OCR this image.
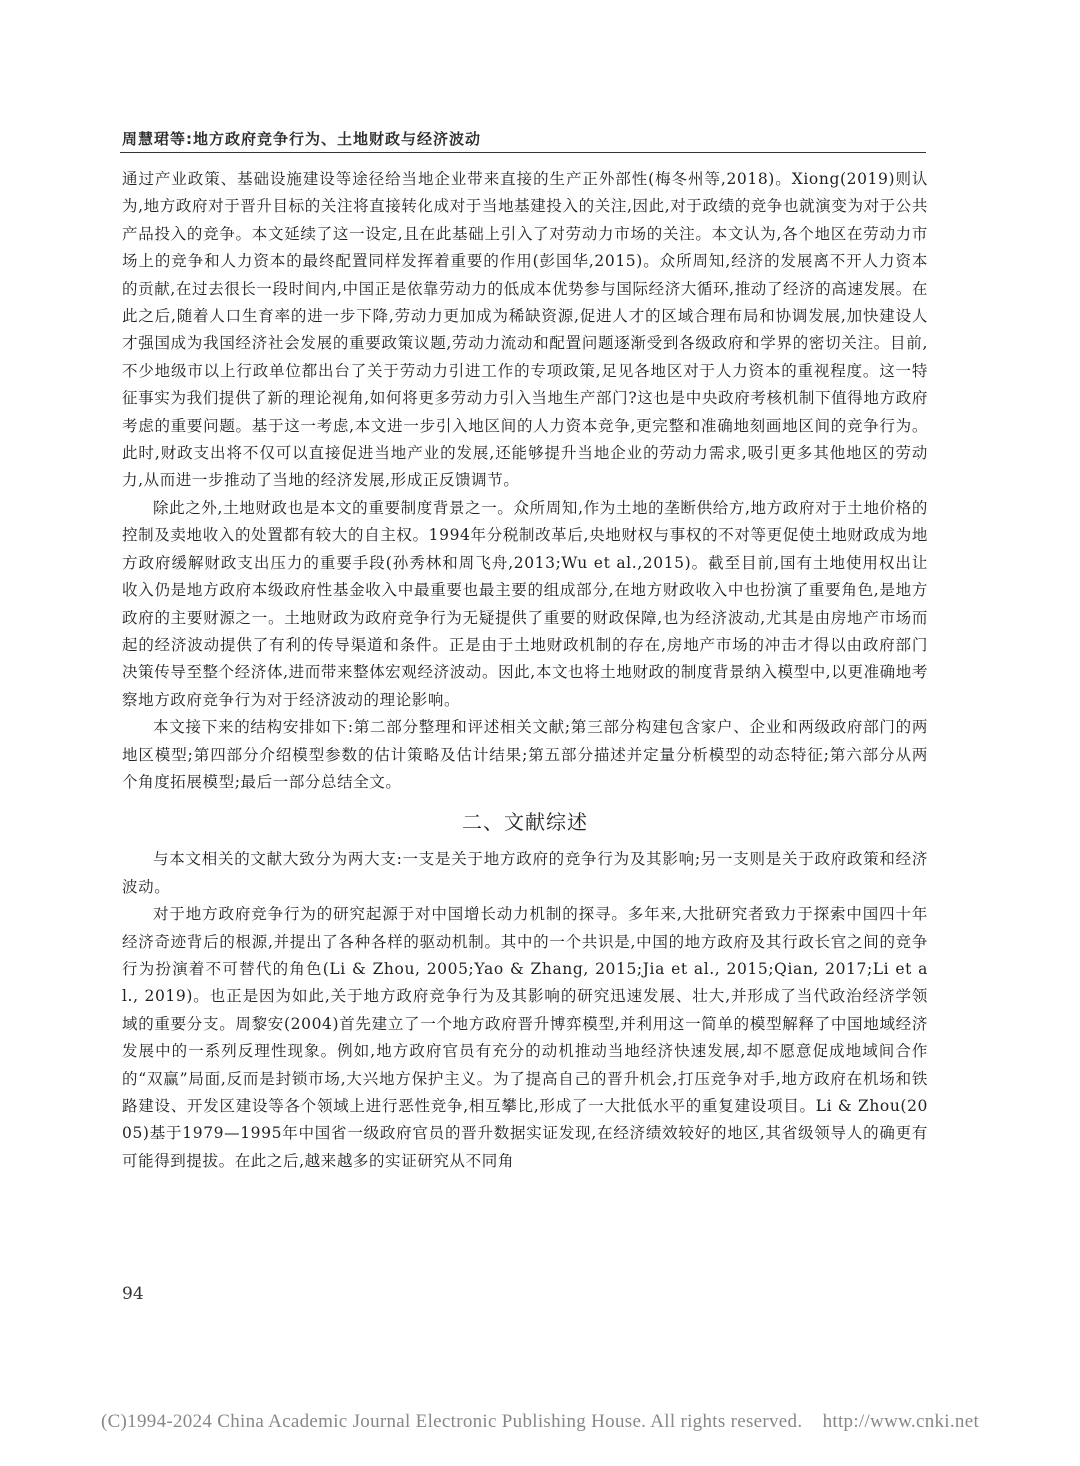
周慧珺等:地方政府竞争行为、土地财政与经济波动

通过产业政策、基础设施建设等途径给当地企业带来直接的生产正外部性(梅冬州等,2018)。Xiong(2019)则认为,地方政府对于晋升目标的关注将直接转化成对于当地基建投入的关注,因此,对于政绩的竞争也就演变为对于公共产品投入的竞争。本文延续了这一设定,且在此基础上引入了对劳动力市场的关注。本文认为,各个地区在劳动力市场上的竞争和人力资本的最终配置同样发挥着重要的作用(彭国华,2015)。众所周知,经济的发展离不开人力资本的贡献,在过去很长一段时间内,中国正是依靠劳动力的低成本优势参与国际经济大循环,推动了经济的高速发展。在此之后,随着人口生育率的进一步下降,劳动力更加成为稀缺资源,促进人才的区域合理布局和协调发展,加快建设人才强国成为我国经济社会发展的重要政策议题,劳动力流动和配置问题逐渐受到各级政府和学界的密切关注。目前,不少地级市以上行政单位都出台了关于劳动力引进工作的专项政策,足见各地区对于人力资本的重视程度。这一特征事实为我们提供了新的理论视角,如何将更多劳动力引入当地生产部门?这也是中央政府考核机制下值得地方政府考虑的重要问题。基于这一考虑,本文进一步引入地区间的人力资本竞争,更完整和准确地刻画地区间的竞争行为。此时,财政支出将不仅可以直接促进当地产业的发展,还能够提升当地企业的劳动力需求,吸引更多其他地区的劳动力,从而进一步推动了当地的经济发展,形成正反馈调节。

除此之外,土地财政也是本文的重要制度背景之一。众所周知,作为土地的垄断供给方,地方政府对于土地价格的控制及卖地收入的处置都有较大的自主权。1994年分税制改革后,央地财权与事权的不对等更促使土地财政成为地方政府缓解财政支出压力的重要手段(孙秀林和周飞舟,2013;Wu et al.,2015)。截至目前,国有土地使用权出让收入仍是地方政府本级政府性基金收入中最重要也最主要的组成部分,在地方财政收入中也扮演了重要角色,是地方政府的主要财源之一。土地财政为政府竞争行为无疑提供了重要的财政保障,也为经济波动,尤其是由房地产市场而起的经济波动提供了有利的传导渠道和条件。正是由于土地财政机制的存在,房地产市场的冲击才得以由政府部门决策传导至整个经济体,进而带来整体宏观经济波动。因此,本文也将土地财政的制度背景纳入模型中,以更准确地考察地方政府竞争行为对于经济波动的理论影响。

本文接下来的结构安排如下:第二部分整理和评述相关文献;第三部分构建包含家户、企业和两级政府部门的两地区模型;第四部分介绍模型参数的估计策略及估计结果;第五部分描述并定量分析模型的动态特征;第六部分从两个角度拓展模型;最后一部分总结全文。

二、文献综述

与本文相关的文献大致分为两大支:一支是关于地方政府的竞争行为及其影响;另一支则是关于政府政策和经济波动。

对于地方政府竞争行为的研究起源于对中国增长动力机制的探寻。多年来,大批研究者致力于探索中国四十年经济奇迹背后的根源,并提出了各种各样的驱动机制。其中的一个共识是,中国的地方政府及其行政长官之间的竞争行为扮演着不可替代的角色(Li & Zhou, 2005;Yao & Zhang, 2015;Jia et al., 2015;Qian, 2017;Li et al., 2019)。也正是因为如此,关于地方政府竞争行为及其影响的研究迅速发展、壮大,并形成了当代政治经济学领域的重要分支。周黎安(2004)首先建立了一个地方政府晋升博弈模型,并利用这一简单的模型解释了中国地域经济发展中的一系列反理性现象。例如,地方政府官员有充分的动机推动当地经济快速发展,却不愿意促成地域间合作的“双赢”局面,反而是封锁市场,大兴地方保护主义。为了提高自己的晋升机会,打压竞争对手,地方政府在机场和铁路建设、开发区建设等各个领域上进行恶性竞争,相互攀比,形成了一大批低水平的重复建设项目。Li & Zhou(2005)基于1979—1995年中国省一级政府官员的晋升数据实证发现,在经济绩效较好的地区,其省级领导人的确更有可能得到提拔。在此之后,越来越多的实证研究从不同角

94
(C)1994-2024 China Academic Journal Electronic Publishing House. All rights reserved.    http://www.cnki.net
